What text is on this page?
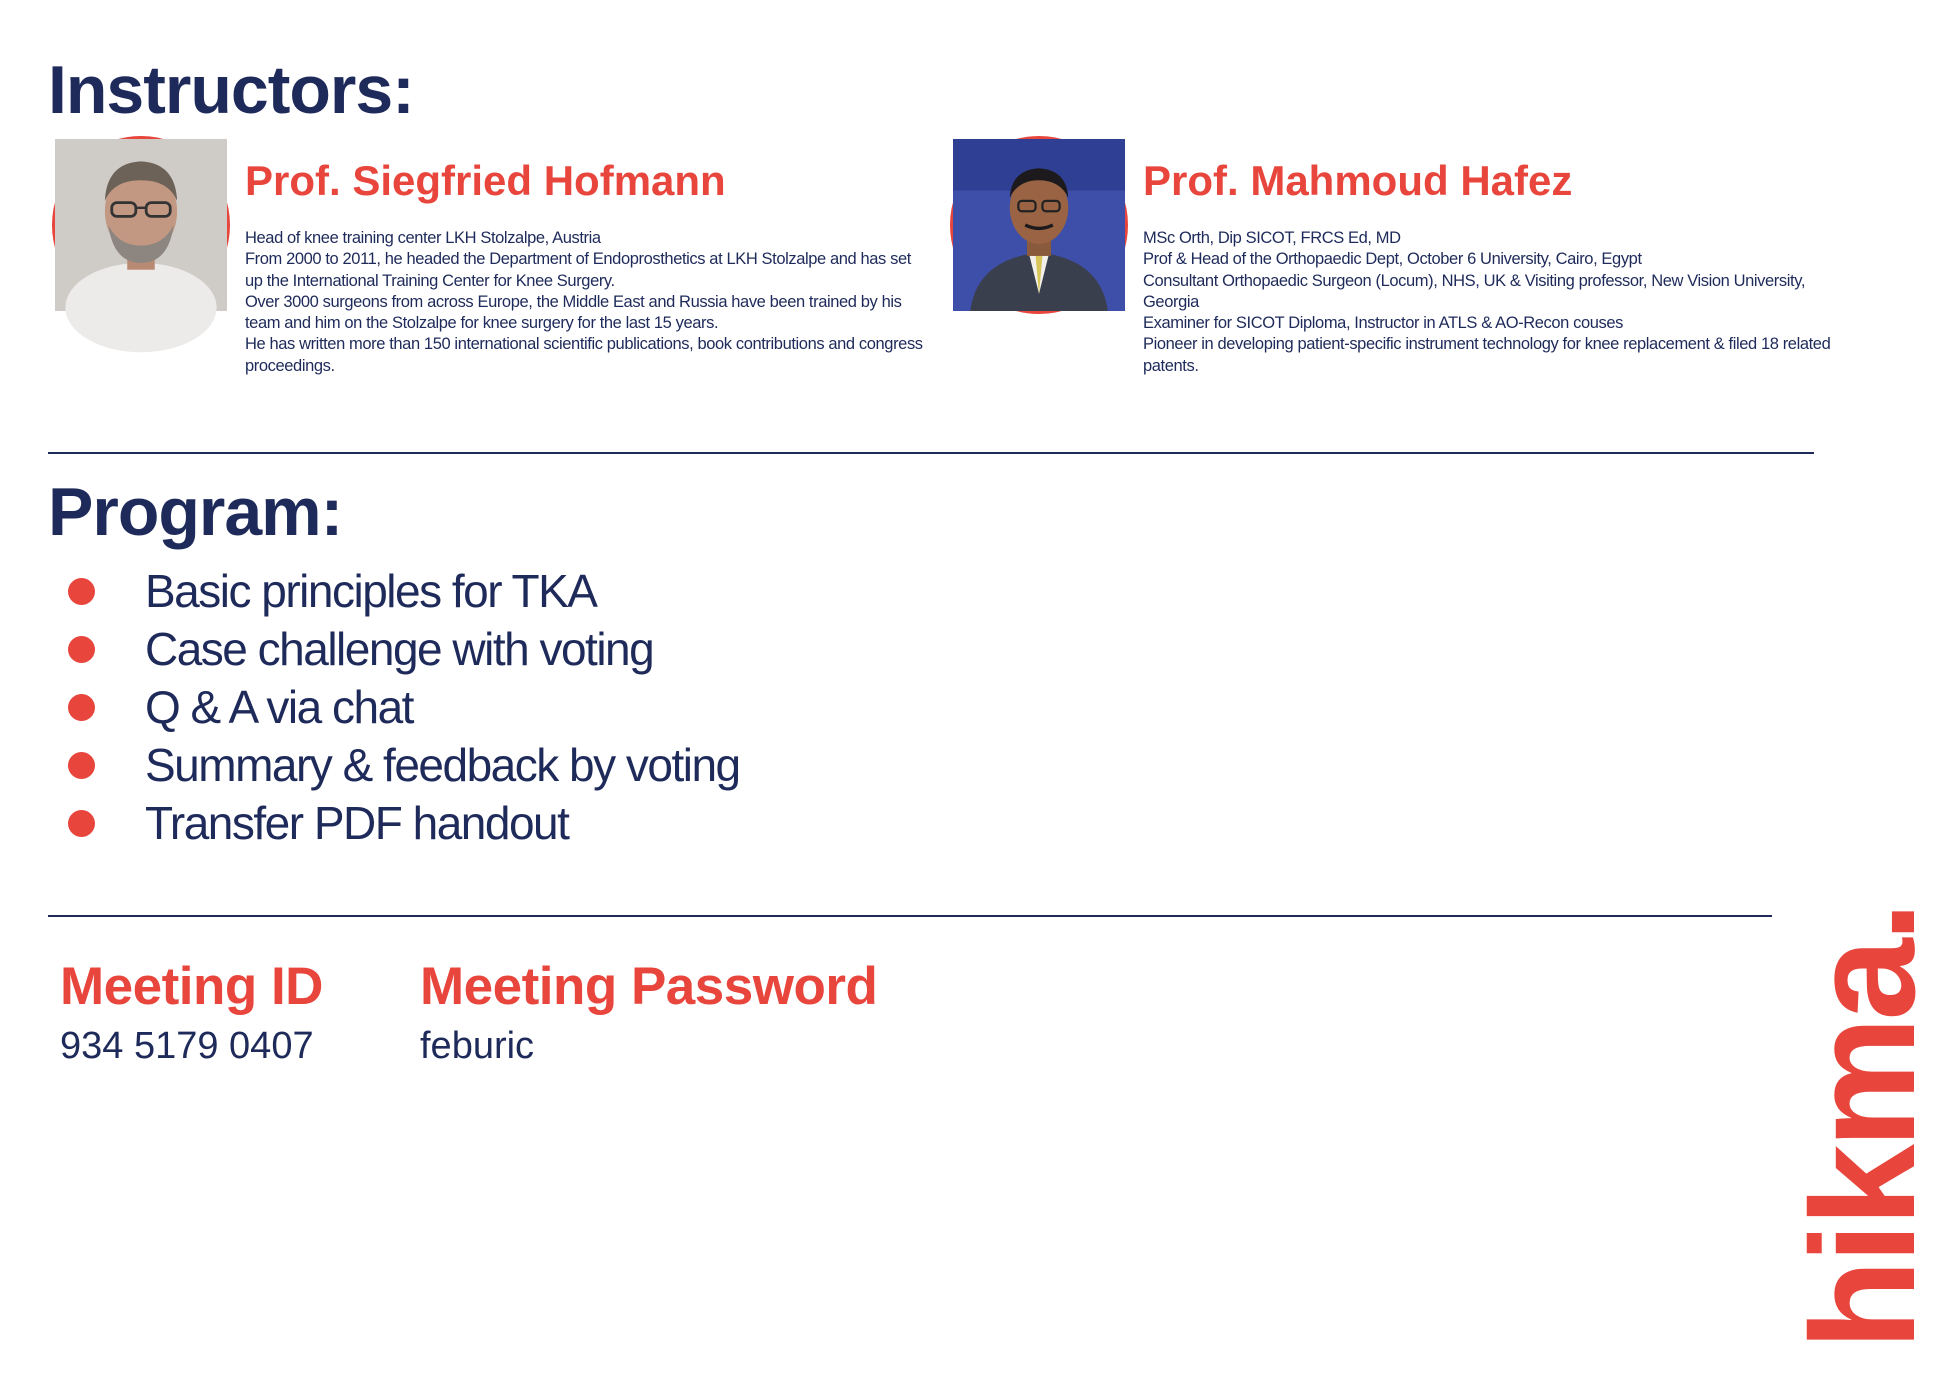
Instructors:
Prof. Siegfried Hofmann
Head of knee training center LKH Stolzalpe, Austria
From 2000 to 2011, he headed the Department of Endoprosthetics at LKH Stolzalpe and has set up the International Training Center for Knee Surgery.
Over 3000 surgeons from across Europe, the Middle East and Russia have been trained by his team and him on the Stolzalpe for knee surgery for the last 15 years.
He has written more than 150 international scientific publications, book contributions and congress proceedings.
Prof. Mahmoud Hafez
MSc Orth, Dip SICOT, FRCS Ed, MD
Prof & Head of the Orthopaedic Dept, October 6 University, Cairo, Egypt
Consultant Orthopaedic Surgeon (Locum), NHS, UK & Visiting professor, New Vision University, Georgia
Examiner for SICOT Diploma, Instructor in ATLS & AO-Recon couses
Pioneer in developing patient-specific instrument technology for knee replacement & filed 18 related patents.
Program:
Basic principles for TKA
Case challenge with voting
Q & A via chat
Summary & feedback by voting
Transfer PDF handout
Meeting ID
934 5179 0407
Meeting Password
feburic	hikma.
